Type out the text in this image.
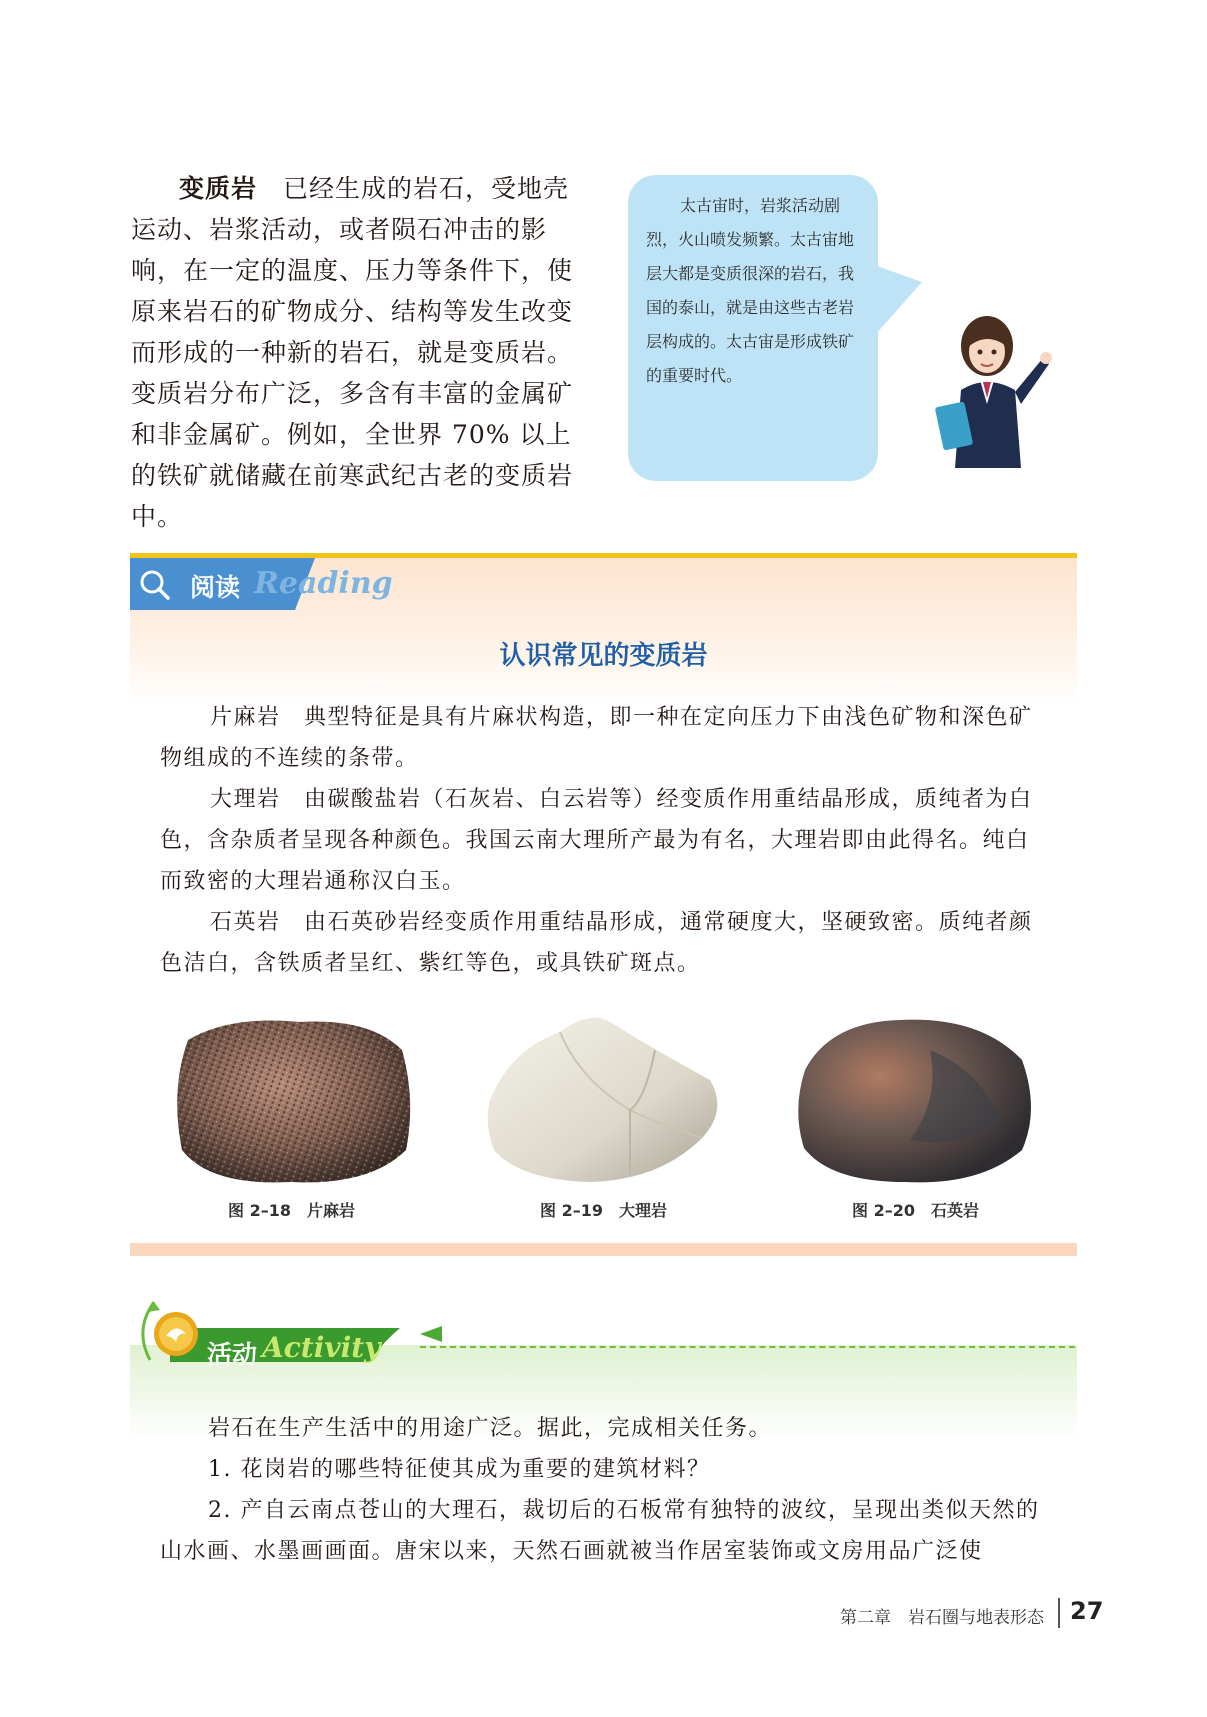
变质岩　 已经生成的岩石，受地壳运动、岩浆活动，或者陨石冲击的影响，在一定的温度、压力等条件下，使原来岩石的矿物成分、结构等发生改变而形成的一种新的岩石，就是变质岩。变质岩分布广泛，多含有丰富的金属矿和非金属矿。例如，全世界 70% 以上的铁矿就储藏在前寒武纪古老的变质岩中。

太古宙时，岩浆活动剧烈，火山喷发频繁。太古宙地层大都是变质很深的岩石，我国的泰山，就是由这些古老岩层构成的。太古宙是形成铁矿的重要时代。

阅读 Reading
认识常见的变质岩

片麻岩　 典型特征是具有片麻状构造，即一种在定向压力下由浅色矿物和深色矿物组成的不连续的条带。

大理岩　 由碳酸盐岩（石灰岩、白云岩等）经变质作用重结晶形成，质纯者为白色，含杂质者呈现各种颜色。我国云南大理所产最为有名，大理岩即由此得名。纯白而致密的大理岩通称汉白玉。

石英岩　 由石英砂岩经变质作用重结晶形成，通常硬度大，坚硬致密。质纯者颜色洁白，含铁质者呈红、紫红等色，或具铁矿斑点。

图 2–18　片麻岩	图 2–19　大理岩	图 2–20　石英岩
活动 Activity

岩石在生产生活中的用途广泛。据此，完成相关任务。

1. 花岗岩的哪些特征使其成为重要的建筑材料？

2. 产自云南点苍山的大理石，裁切后的石板常有独特的波纹，呈现出类似天然的山水画、水墨画画面。唐宋以来，天然石画就被当作居室装饰或文房用品广泛使

第二章　岩石圈与地表形态 27
